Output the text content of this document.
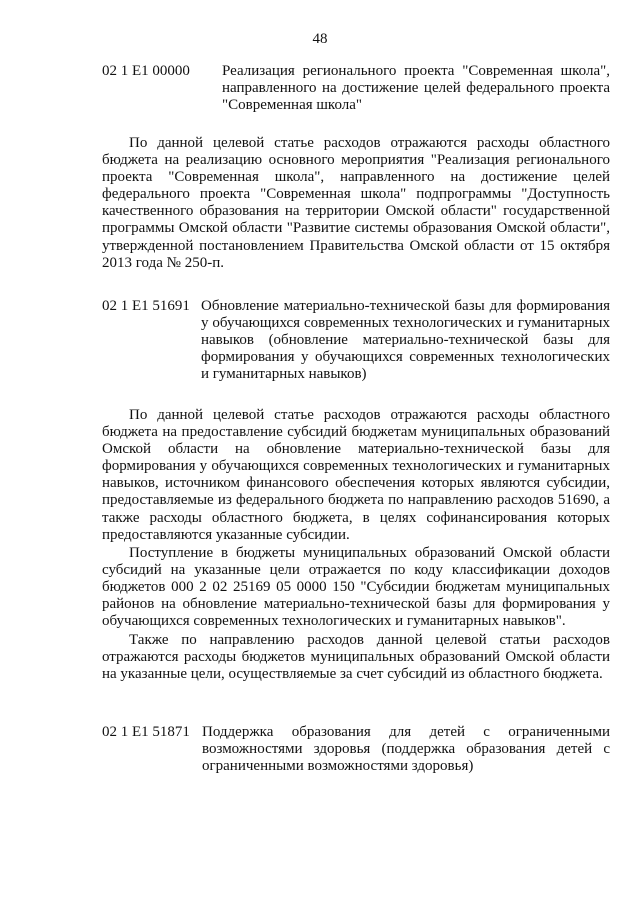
48
02 1 E1 00000 Реализация регионального проекта "Современная школа", направленного на достижение целей федерального проекта "Современная школа"

По данной целевой статье расходов отражаются расходы областного бюджета на реализацию основного мероприятия "Реализация регионального проекта "Современная школа", направленного на достижение целей федерального проекта "Современная школа" подпрограммы "Доступность качественного образования на территории Омской области" государственной программы Омской области "Развитие системы образования Омской области", утвержденной постановлением Правительства Омской области от 15 октября 2013 года № 250-п.

02 1 E1 51691 Обновление материально-технической базы для формирования у обучающихся современных технологических и гуманитарных навыков (обновление материально-технической базы для формирования у обучающихся современных технологических и гуманитарных навыков)

По данной целевой статье расходов отражаются расходы областного бюджета на предоставление субсидий бюджетам муниципальных образований Омской области на обновление материально-технической базы для формирования у обучающихся современных технологических и гуманитарных навыков, источником финансового обеспечения которых являются субсидии, предоставляемые из федерального бюджета по направлению расходов 51690, а также расходы областного бюджета, в целях софинансирования которых предоставляются указанные субсидии.

Поступление в бюджеты муниципальных образований Омской области субсидий на указанные цели отражается по коду классификации доходов бюджетов 000 2 02 25169 05 0000 150 "Субсидии бюджетам муниципальных районов на обновление материально-технической базы для формирования у обучающихся современных технологических и гуманитарных навыков".

Также по направлению расходов данной целевой статьи расходов отражаются расходы бюджетов муниципальных образований Омской области на указанные цели, осуществляемые за счет субсидий из областного бюджета.

02 1 E1 51871 Поддержка образования для детей с ограниченными возможностями здоровья (поддержка образования детей с ограниченными возможностями здоровья)
